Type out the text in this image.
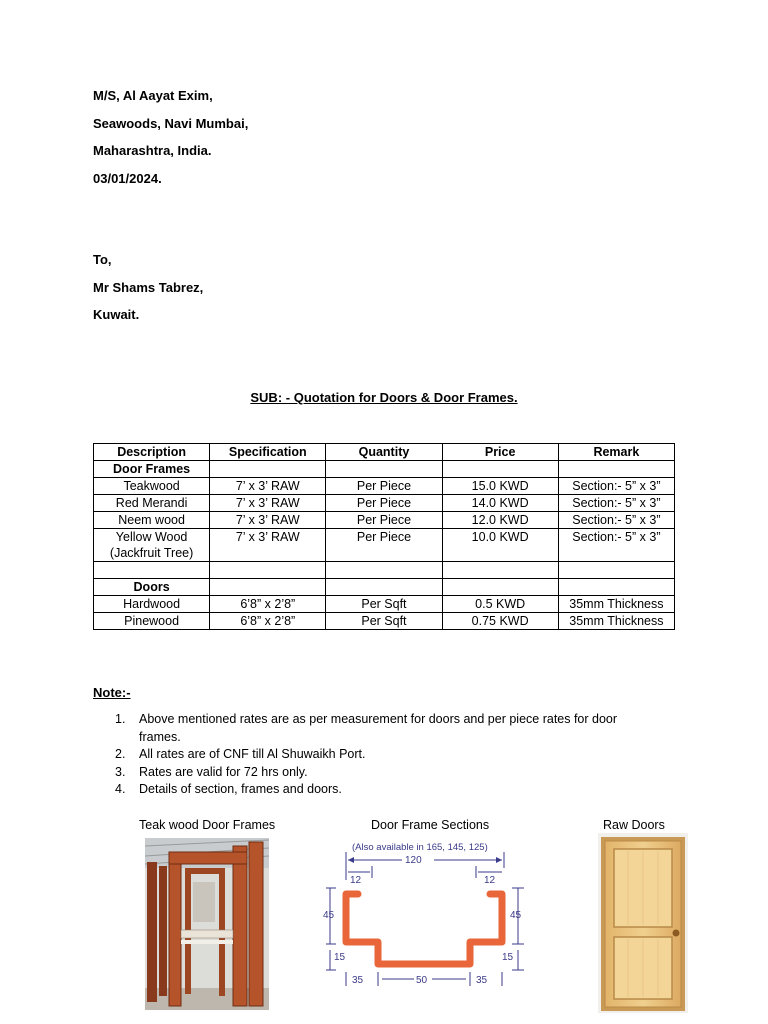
M/S, Al Aayat Exim,
Seawoods, Navi Mumbai,
Maharashtra, India.
03/01/2024.
To,
Mr Shams Tabrez,
Kuwait.
SUB: - Quotation for Doors & Door Frames.
Description	Specification	Quantity	Price	Remark
Door Frames				
Teakwood	7’ x 3’ RAW	Per Piece	15.0 KWD	Section:- 5” x 3”
Red Merandi	7’ x 3’ RAW	Per Piece	14.0 KWD	Section:- 5” x 3”
Neem wood	7’ x 3’ RAW	Per Piece	12.0 KWD	Section:- 5” x 3”

Yellow Wood
(Jackfruit Tree)	7’ x 3’ RAW	Per Piece	10.0 KWD	Section:- 5” x 3”

Doors				
Hardwood	6’8” x 2’8”	Per Sqft	0.5 KWD	35mm Thickness
Pinewood	6’8” x 2’8”	Per Sqft	0.75 KWD	35mm Thickness
Note:-
1. Above mentioned rates are as per measurement for doors and per piece rates for door frames.
2. All rates are of CNF till Al Shuwaikh Port.
3. Rates are valid for 72 hrs only.
4. Details of section, frames and doors.
Teak wood Door Frames	Door Frame Sections	Raw Doors
(Also available in 165, 145, 125)
120
12	12
45	45
15	15
35	50	35
